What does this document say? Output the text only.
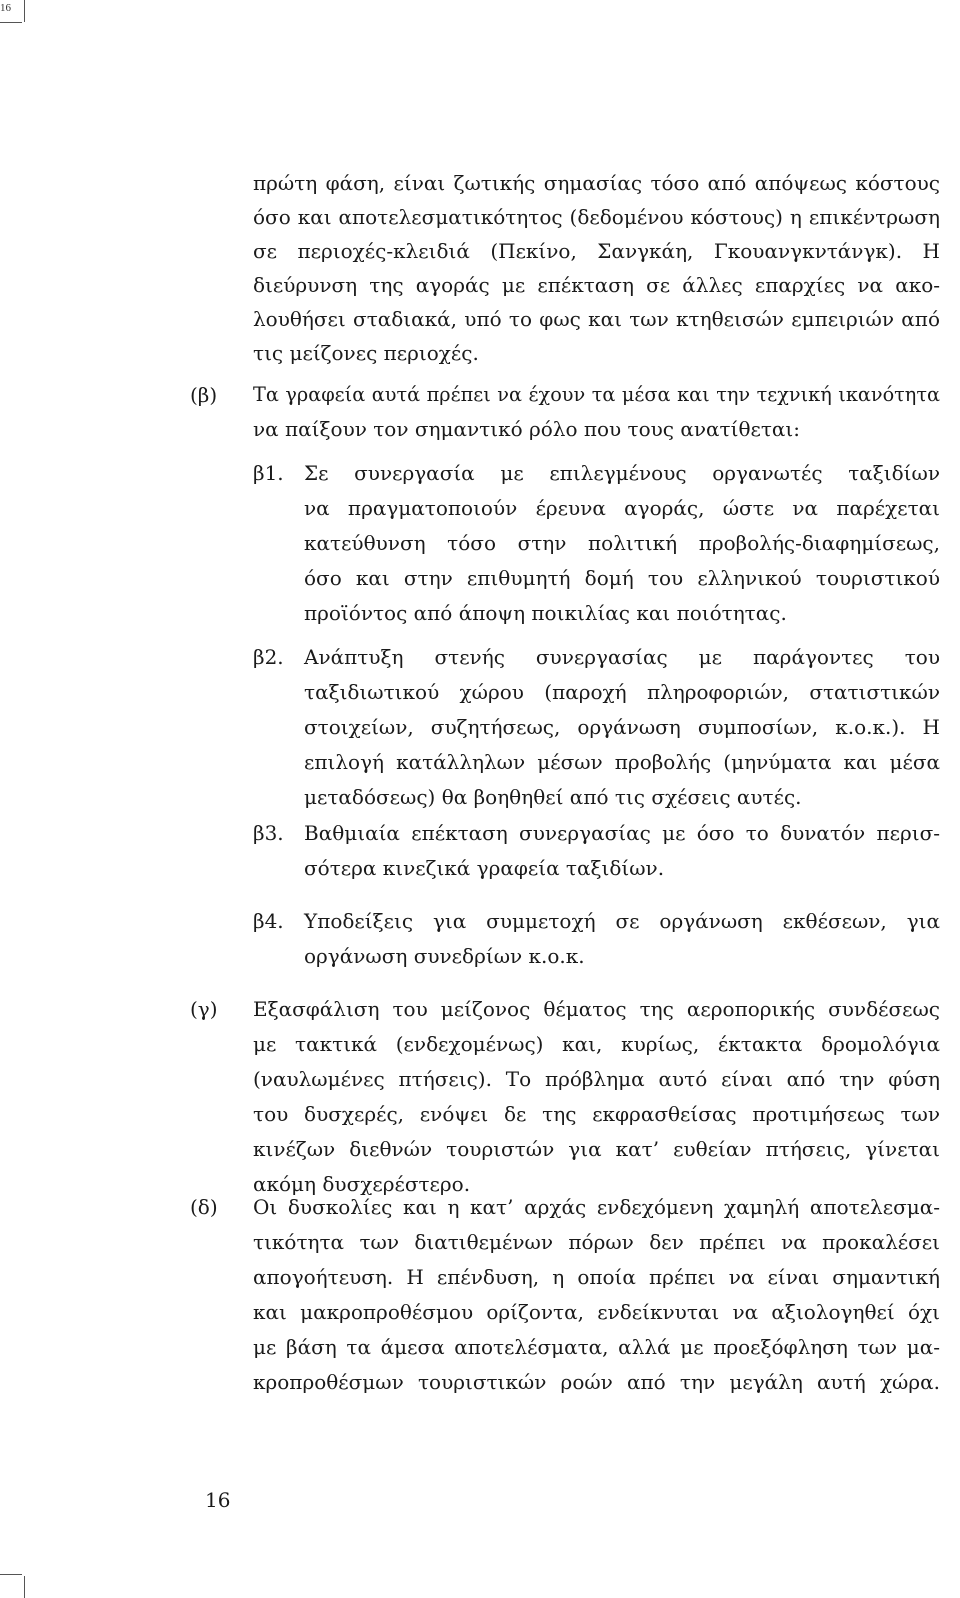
16
πρώτη φάση, είναι ζωτικής σημασίας τόσο από απόψεως κόστους
όσο και αποτελεσματικότητος (δεδομένου κόστους) η επικέντρωση
σε περιοχές-κλειδιά (Πεκίνο, Σανγκάη, Γκουανγκντάνγκ). Η
διεύρυνση της αγοράς με επέκταση σε άλλες επαρχίες να ακο-
λουθήσει σταδιακά, υπό το φως και των κτηθεισών εμπειριών από
τις μείζονες περιοχές.
(β) Τα γραφεία αυτά πρέπει να έχουν τα μέσα και την τεχνική ικανότητα
να παίξουν τον σημαντικό ρόλο που τους ανατίθεται:
β1. Σε συνεργασία με επιλεγμένους οργανωτές ταξιδίων
να πραγματοποιούν έρευνα αγοράς, ώστε να παρέχεται
κατεύθυνση τόσο στην πολιτική προβολής-διαφημίσεως,
όσο και στην επιθυμητή δομή του ελληνικού τουριστικού
προϊόντος από άποψη ποικιλίας και ποιότητας.
β2. Ανάπτυξη στενής συνεργασίας με παράγοντες του
ταξιδιωτικού χώρου (παροχή πληροφοριών, στατιστικών
στοιχείων, συζητήσεως, οργάνωση συμποσίων, κ.ο.κ.). Η
επιλογή κατάλληλων μέσων προβολής (μηνύματα και μέσα
μεταδόσεως) θα βοηθηθεί από τις σχέσεις αυτές.
β3. Βαθμιαία επέκταση συνεργασίας με όσο το δυνατόν περισ-
σότερα κινεζικά γραφεία ταξιδίων.
β4. Υποδείξεις για συμμετοχή σε οργάνωση εκθέσεων, για
οργάνωση συνεδρίων κ.ο.κ.
(γ) Εξασφάλιση του μείζονος θέματος της αεροπορικής συνδέσεως
με τακτικά (ενδεχομένως) και, κυρίως, έκτακτα δρομολόγια
(ναυλωμένες πτήσεις). Το πρόβλημα αυτό είναι από την φύση
του δυσχερές, ενόψει δε της εκφρασθείσας προτιμήσεως των
κινέζων διεθνών τουριστών για κατ’ ευθείαν πτήσεις, γίνεται
ακόμη δυσχερέστερο.
(δ) Οι δυσκολίες και η κατ’ αρχάς ενδεχόμενη χαμηλή αποτελεσμα-
τικότητα των διατιθεμένων πόρων δεν πρέπει να προκαλέσει
απογοήτευση. Η επένδυση, η οποία πρέπει να είναι σημαντική
και μακροπροθέσμου ορίζοντα, ενδείκνυται να αξιολογηθεί όχι
με βάση τα άμεσα αποτελέσματα, αλλά με προεξόφληση των μα-
κροπροθέσμων τουριστικών ροών από την μεγάλη αυτή χώρα.
16
